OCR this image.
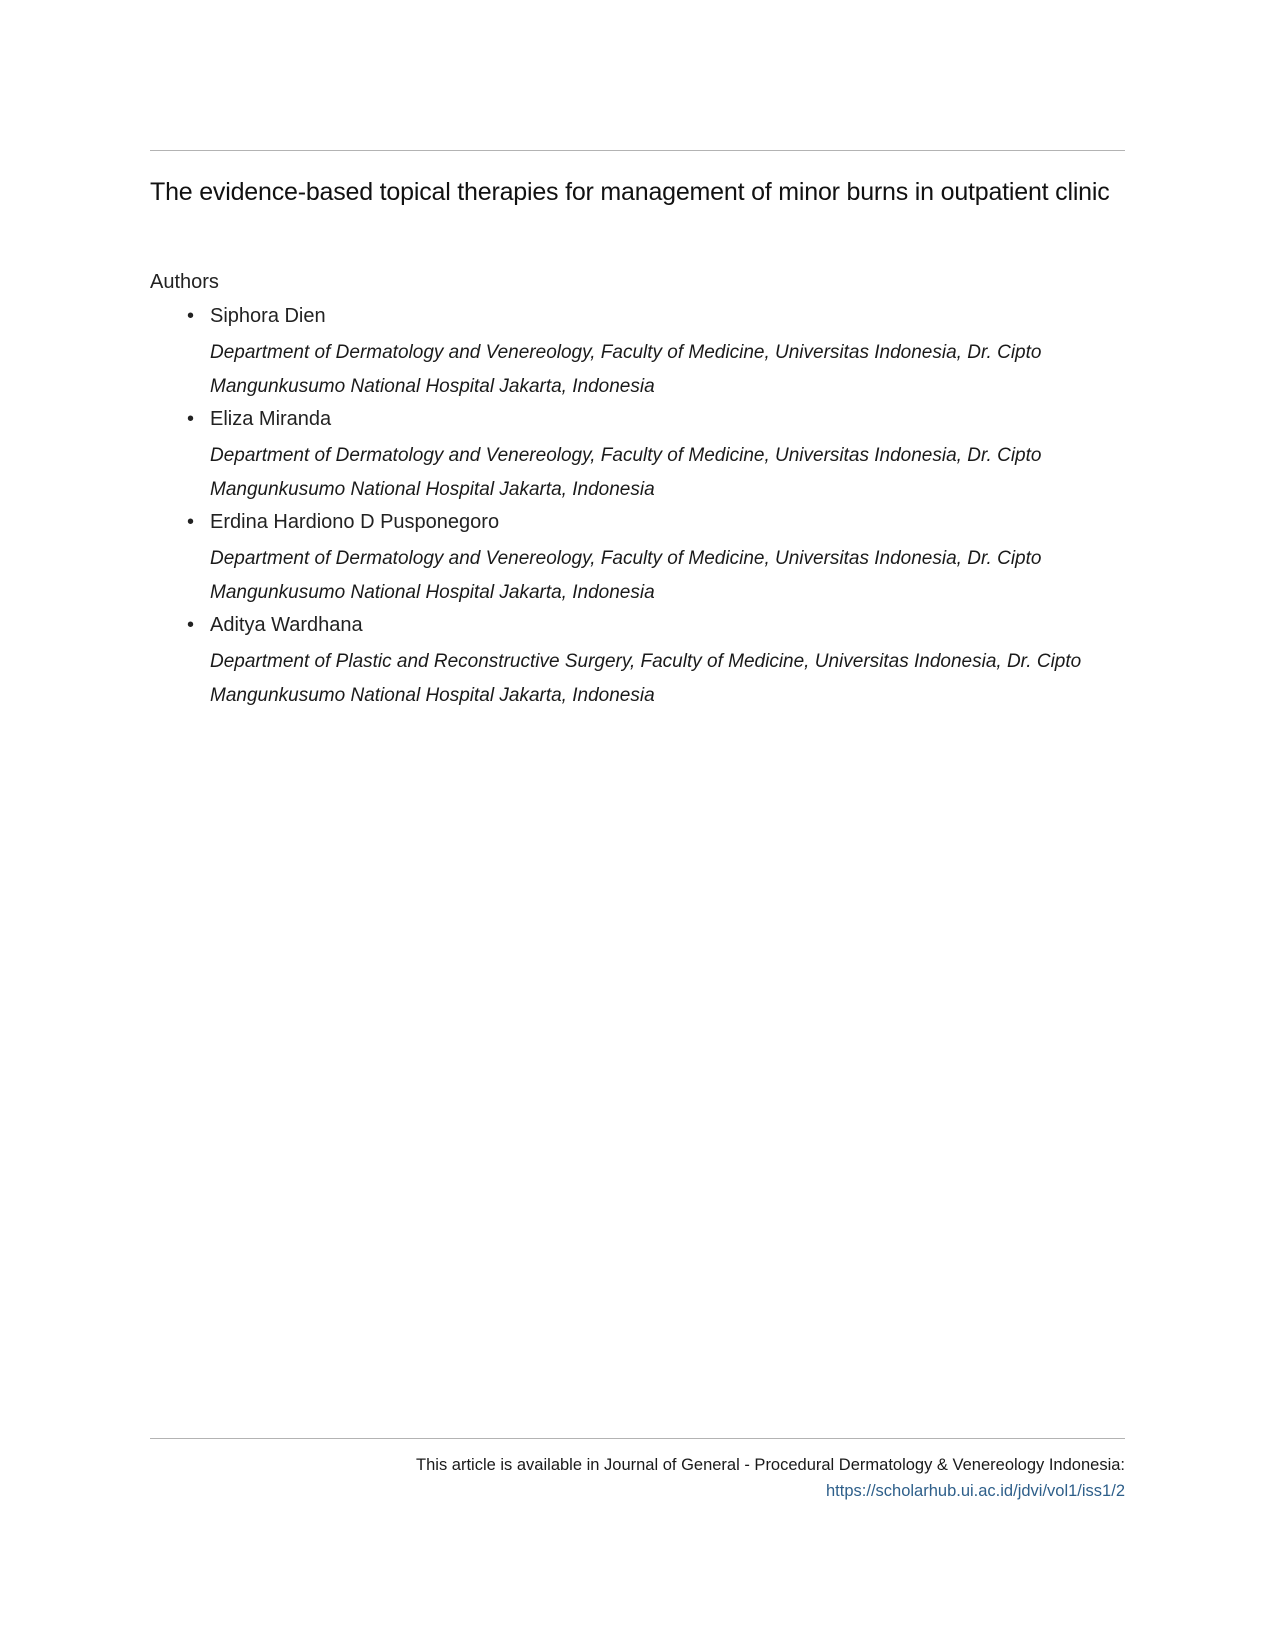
The evidence-based topical therapies for management of minor burns in outpatient clinic
Authors
• Siphora Dien
Department of Dermatology and Venereology, Faculty of Medicine, Universitas Indonesia, Dr. Cipto Mangunkusumo National Hospital Jakarta, Indonesia
• Eliza Miranda
Department of Dermatology and Venereology, Faculty of Medicine, Universitas Indonesia, Dr. Cipto Mangunkusumo National Hospital Jakarta, Indonesia
• Erdina Hardiono D Pusponegoro
Department of Dermatology and Venereology, Faculty of Medicine, Universitas Indonesia, Dr. Cipto Mangunkusumo National Hospital Jakarta, Indonesia
• Aditya Wardhana
Department of Plastic and Reconstructive Surgery, Faculty of Medicine, Universitas Indonesia, Dr. Cipto Mangunkusumo National Hospital Jakarta, Indonesia
This article is available in Journal of General - Procedural Dermatology & Venereology Indonesia:
https://scholarhub.ui.ac.id/jdvi/vol1/iss1/2
